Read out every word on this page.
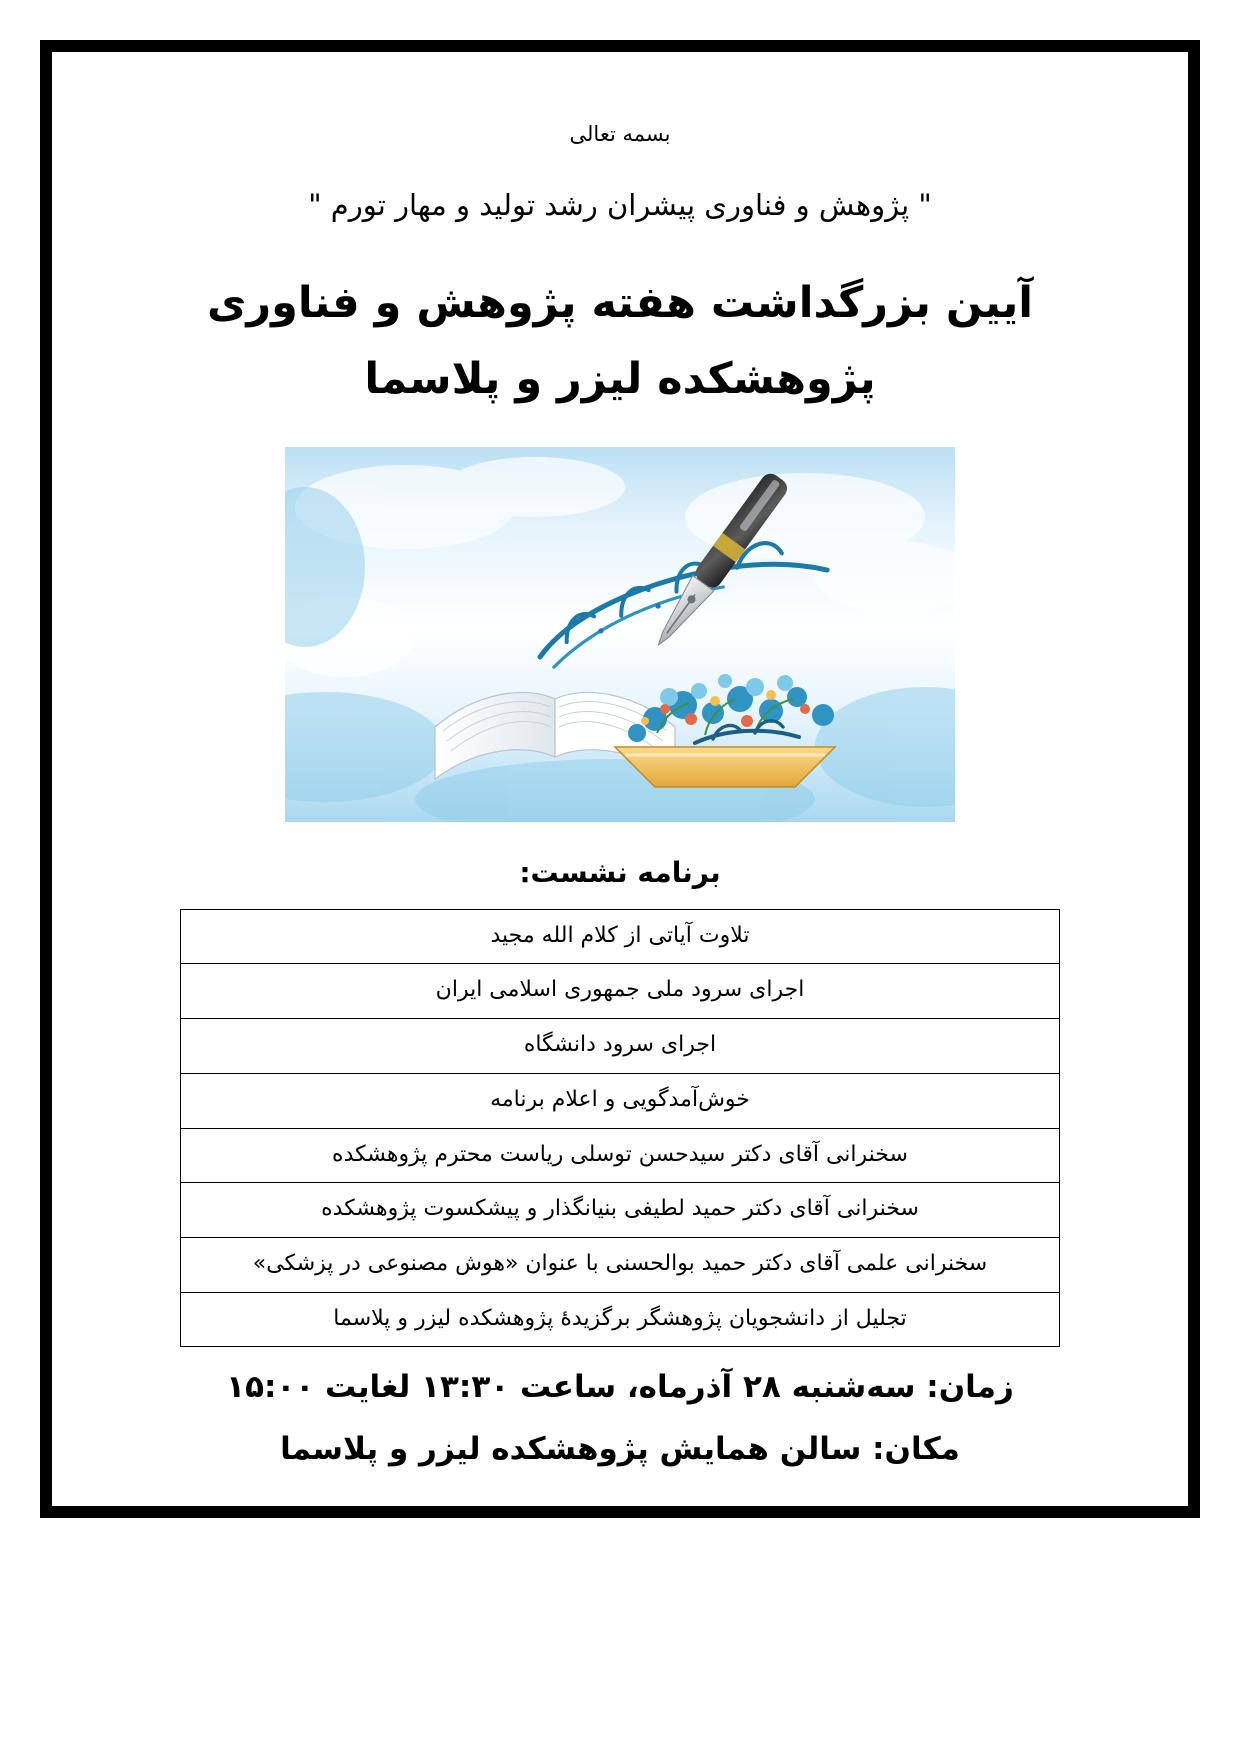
بسمه تعالی
" پژوهش و فناوری پیشران رشد تولید و مهار تورم "
آیین بزرگداشت هفته پژوهش و فناوری
پژوهشکده لیزر و پلاسما
برنامه نشست:
تلاوت آیاتی از کلام الله مجید
اجرای سرود ملی جمهوری اسلامی ایران
اجرای سرود دانشگاه
خوش‌آمدگویی و اعلام برنامه
سخنرانی آقای دکتر سیدحسن توسلی ریاست محترم پژوهشکده
سخنرانی آقای دکتر حمید لطیفی بنیانگذار و پیشکسوت پژوهشکده
سخنرانی علمی آقای دکتر حمید بوالحسنی با عنوان «هوش مصنوعی در پزشکی»
تجلیل از دانشجویان پژوهشگر برگزیدهٔ پژوهشکده لیزر و پلاسما
زمان: سه‌شنبه ۲۸ آذرماه، ساعت ۱۳:۳۰ لغایت ۱۵:۰۰
مکان: سالن همایش پژوهشکده لیزر و پلاسما
